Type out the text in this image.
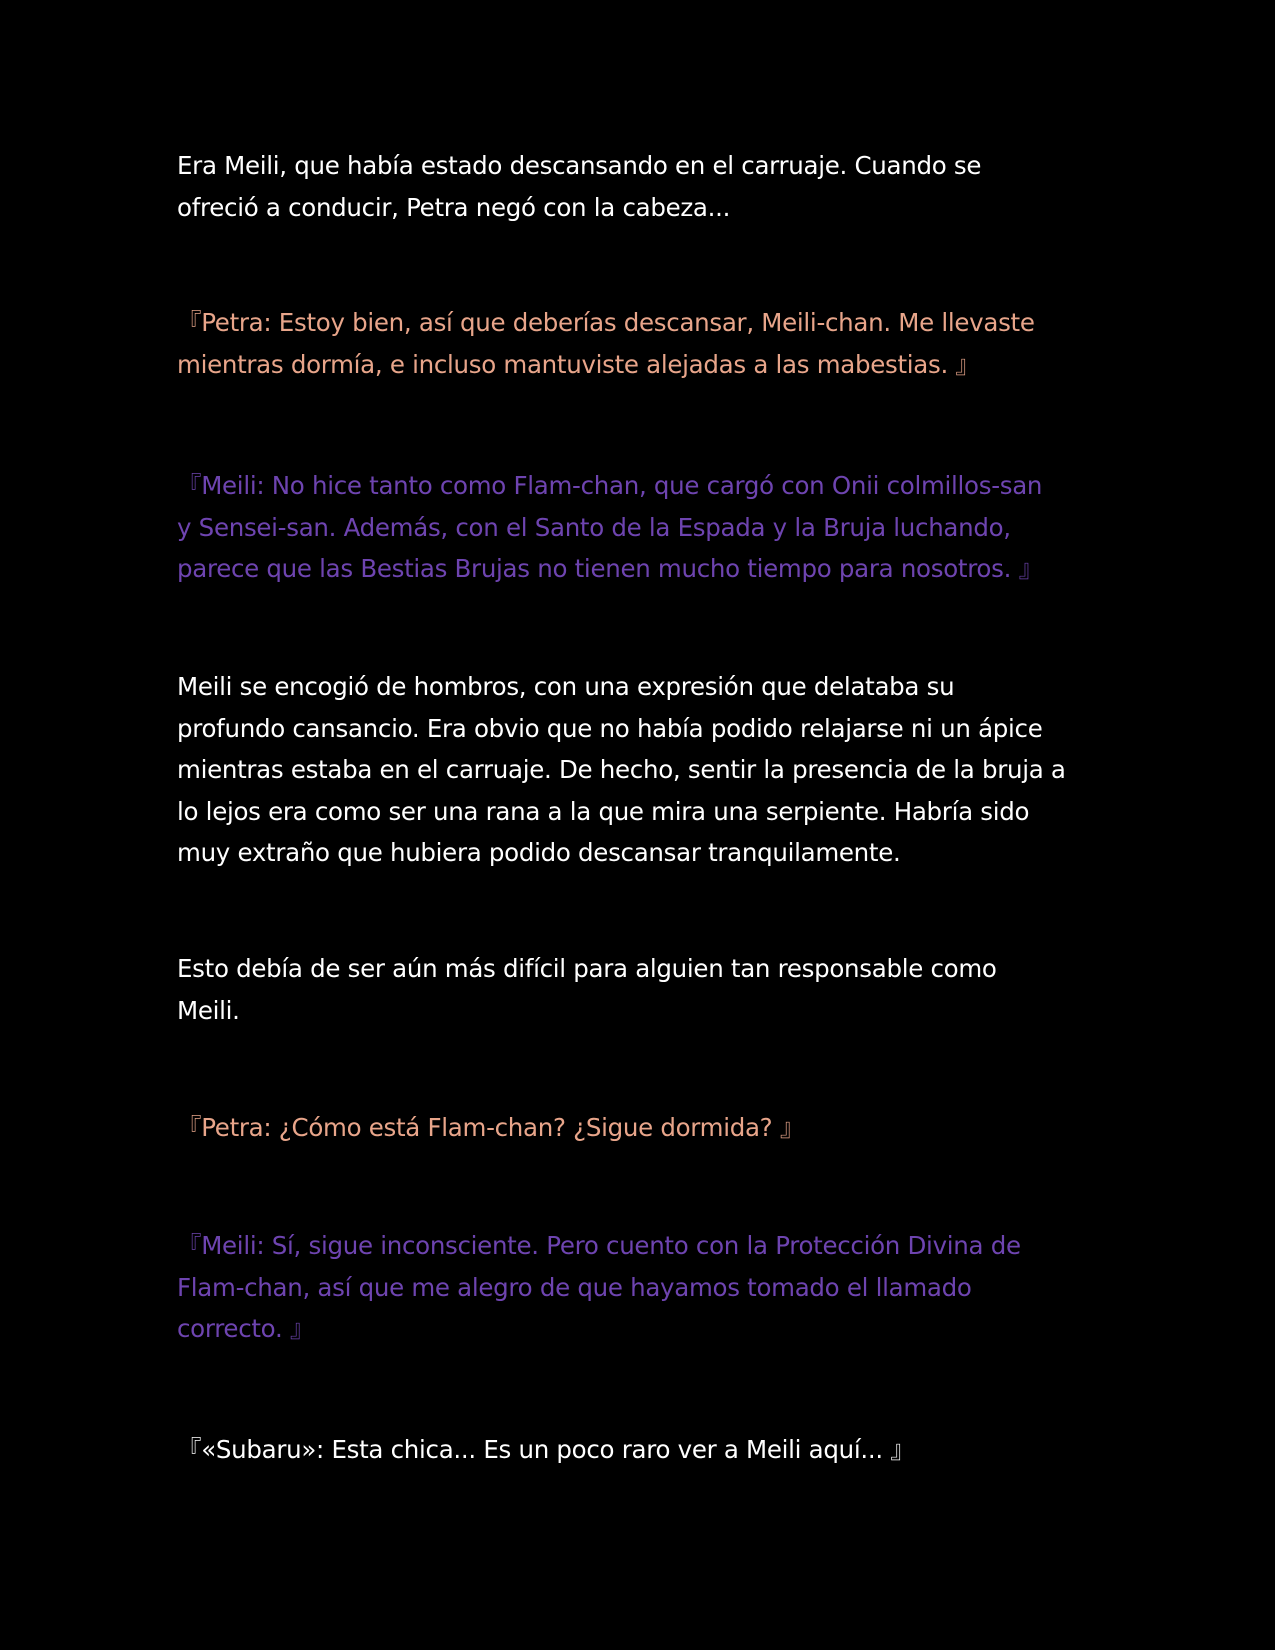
Era Meili, que había estado descansando en el carruaje. Cuando se
ofreció a conducir, Petra negó con la cabeza...

『Petra: Estoy bien, así que deberías descansar, Meili-chan. Me llevaste
mientras dormía, e incluso mantuviste alejadas a las mabestias. 』

『Meili: No hice tanto como Flam-chan, que cargó con Onii colmillos-san
y Sensei-san. Además, con el Santo de la Espada y la Bruja luchando,
parece que las Bestias Brujas no tienen mucho tiempo para nosotros. 』

Meili se encogió de hombros, con una expresión que delataba su
profundo cansancio. Era obvio que no había podido relajarse ni un ápice
mientras estaba en el carruaje. De hecho, sentir la presencia de la bruja a
lo lejos era como ser una rana a la que mira una serpiente. Habría sido
muy extraño que hubiera podido descansar tranquilamente.

Esto debía de ser aún más difícil para alguien tan responsable como
Meili.

『Petra: ¿Cómo está Flam-chan? ¿Sigue dormida? 』

『Meili: Sí, sigue inconsciente. Pero cuento con la Protección Divina de
Flam-chan, así que me alegro de que hayamos tomado el llamado
correcto. 』

『«Subaru»: Esta chica... Es un poco raro ver a Meili aquí... 』
